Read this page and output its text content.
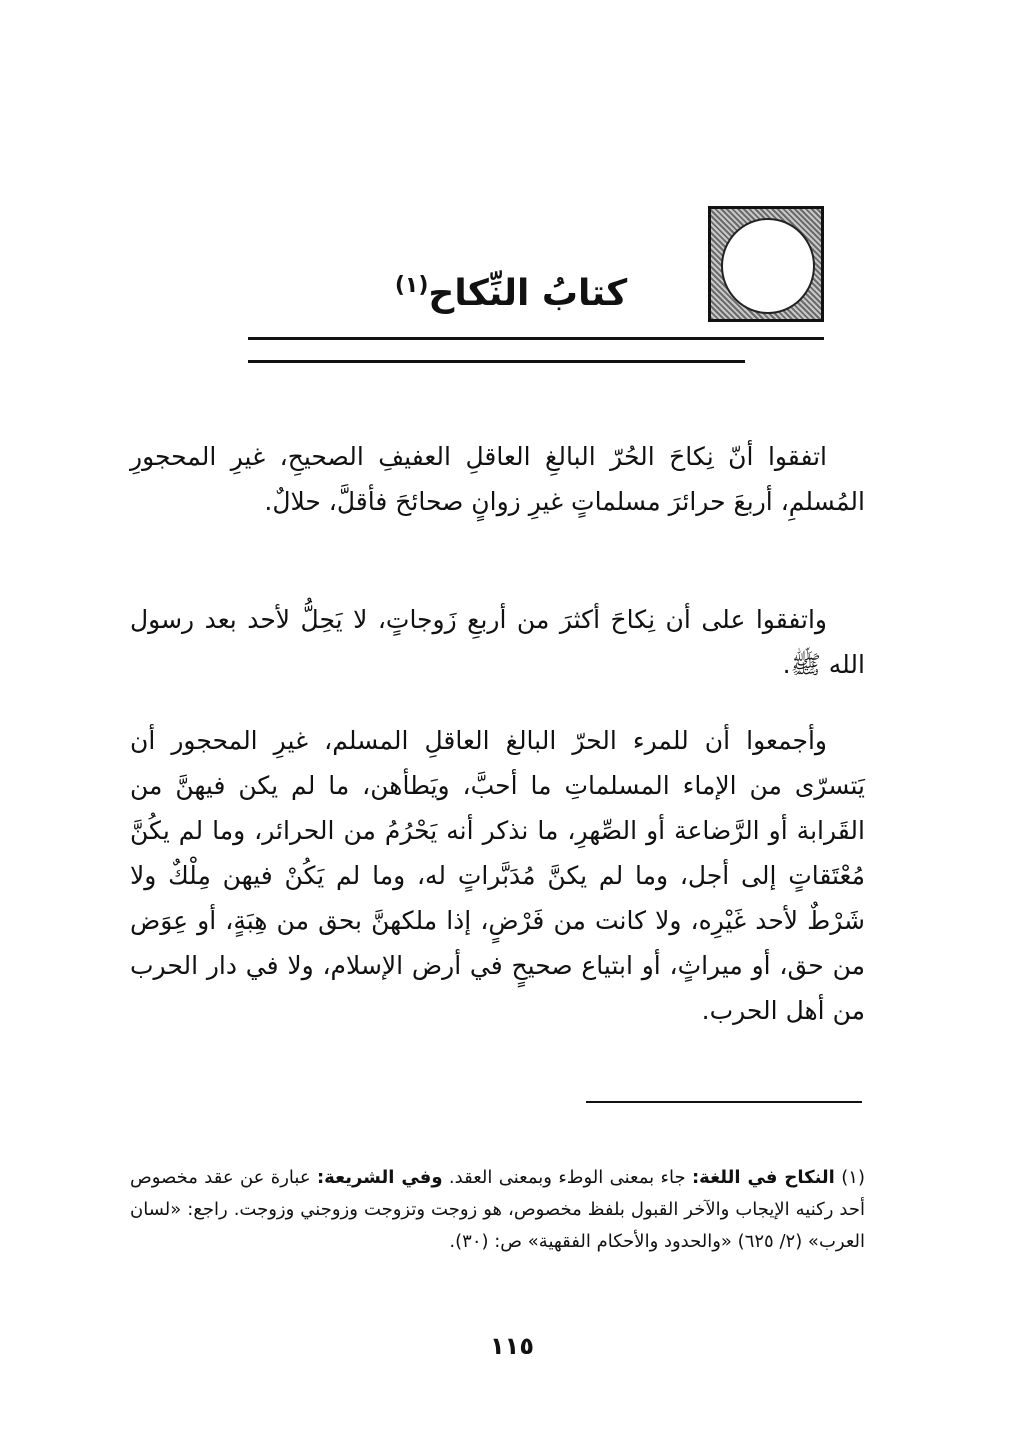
كتابُ النِّكاح$^{(١)}$

اتفقوا أنّ نِكاحَ الحُرّ البالغِ العاقلِ العفيفِ الصحيحِ، غيرِ المحجورِ المُسلمِ، أربعَ حرائرَ مسلماتٍ غيرِ زوانٍ صحائحَ فأقلَّ، حلالٌ.

واتفقوا على أن نِكاحَ أكثرَ من أربعِ زَوجاتٍ، لا يَحِلُّ لأحد بعد رسول الله ﷺ.

وأجمعوا أن للمرء الحرّ البالغ العاقلِ المسلم، غيرِ المحجور أن يَتسرّى من الإماء المسلماتِ ما أحبَّ، ويَطأهن، ما لم يكن فيهنَّ من القَرابة أو الرَّضاعة أو الصِّهرِ، ما نذكر أنه يَحْرُمُ من الحرائر، وما لم يكُنَّ مُعْتَقاتٍ إلى أجل، وما لم يكنَّ مُدَبَّراتٍ له، وما لم يَكُنْ فيهن مِلْكٌ ولا شَرْطٌ لأحد غَيْرِه، ولا كانت من فَرْضٍ، إذا ملكهنَّ بحق من هِبَةٍ، أو عِوَض من حق، أو ميراثٍ، أو ابتياع صحيحٍ في أرض الإسلام، ولا في دار الحرب من أهل الحرب.

(١) النكاح في اللغة: جاء بمعنى الوطء وبمعنى العقد. وفي الشريعة: عبارة عن عقد مخصوص أحد ركنيه الإيجاب والآخر القبول بلفظ مخصوص، هو زوجت وتزوجت وزوجني وزوجت. راجع: «لسان العرب» (٢/ ٦٢٥) «والحدود والأحكام الفقهية» ص: (٣٠).
١١٥
